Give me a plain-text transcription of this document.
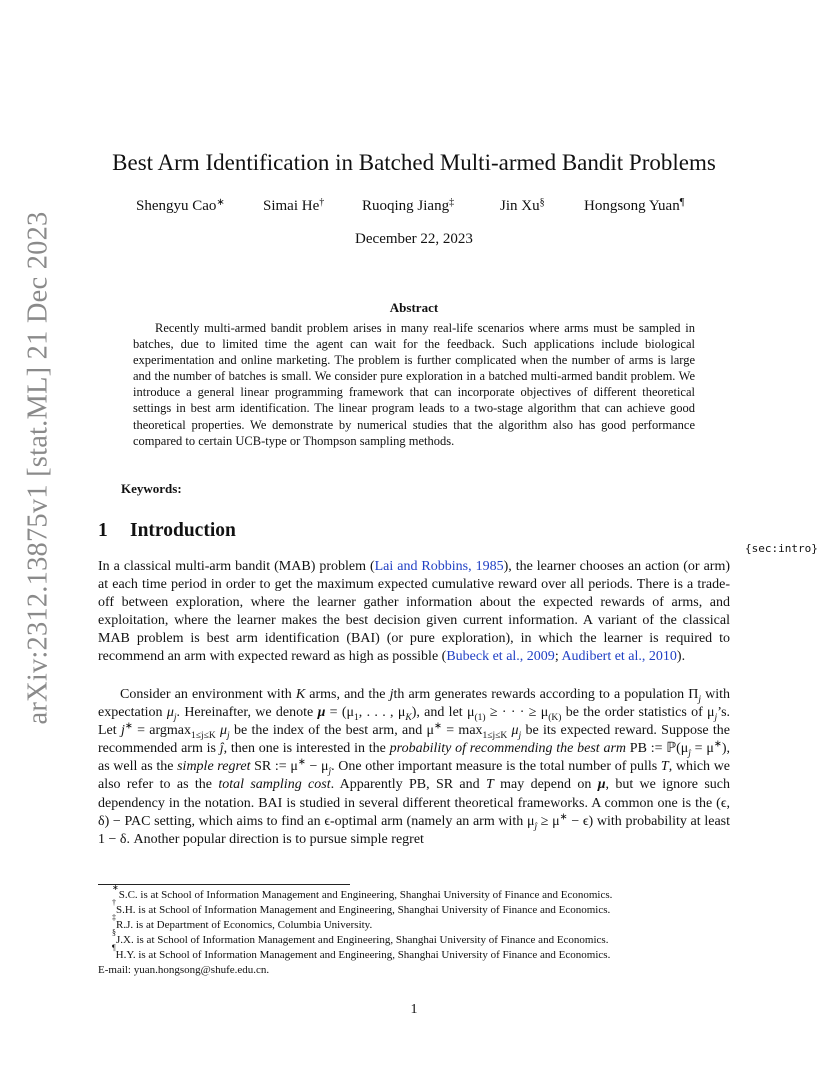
arXiv:2312.13875v1 [stat.ML] 21 Dec 2023
Best Arm Identification in Batched Multi-armed Bandit Problems
Shengyu Cao∗	Simai He†	Ruoqing Jiang‡	Jin Xu§	Hongsong Yuan¶
December 22, 2023
Abstract

Recently multi-armed bandit problem arises in many real-life scenarios where arms must be sampled in batches, due to limited time the agent can wait for the feedback. Such applications include biological experimentation and online marketing. The problem is further complicated when the number of arms is large and the number of batches is small. We consider pure exploration in a batched multi-armed bandit problem. We introduce a general linear programming framework that can incorporate objectives of different theoretical settings in best arm identification. The linear program leads to a two-stage algorithm that can achieve good theoretical properties. We demonstrate by numerical studies that the algorithm also has good performance compared to certain UCB-type or Thompson sampling methods.

Keywords:
1 Introduction
{sec:intro}

In a classical multi-arm bandit (MAB) problem (Lai and Robbins, 1985), the learner chooses an action (or arm) at each time period in order to get the maximum expected cumulative reward over all periods. There is a trade-off between exploration, where the learner gather information about the expected rewards of arms, and exploitation, where the learner makes the best decision given current information. A variant of the classical MAB problem is best arm identification (BAI) (or pure exploration), in which the learner is required to recommend an arm with expected reward as high as possible (Bubeck et al., 2009; Audibert et al., 2010).

Consider an environment with K arms, and the jth arm generates rewards according to a population $\Pi_j$ with expectation $\mu_j$. Hereinafter, we denote $\mu = (\mu_1$, . . . , $\mu_K$), and let $\mu_{(1)}$ ≥ · · · ≥ $\mu_{(K)}$ be the order statistics of $\mu_j’s$. Let j∗ = argmax$_{1\le j\le K}$ $\mu_j$ be the index of the best arm, and $\mu^∗ = \max_{1\le j\le K} \mu_j$ be its expected reward. Suppose the recommended arm is ĵ, then one is interested in the probability of recommending the best arm PB := $ℙ(\mu_ĵ = \mu^∗)$, as well as the simple regret SR := $\mu^∗ - \mu_ĵ$. One other important measure is the total number of pulls T, which we also refer to as the total sampling cost. Apparently PB, SR and T may depend on μ, but we ignore such dependency in the notation. BAI is studied in several different theoretical frameworks. A common one is the (ϵ, δ) − PAC setting, which aims to find an ϵ-optimal arm (namely an arm with $\mu_ĵ \ge \mu^∗ - \epsilon$) with probability at least 1 − δ. Another popular direction is to pursue simple regret

∗S.C. is at School of Information Management and Engineering, Shanghai University of Finance and Economics.
†S.H. is at School of Information Management and Engineering, Shanghai University of Finance and Economics.
‡R.J. is at Department of Economics, Columbia University.
§J.X. is at School of Information Management and Engineering, Shanghai University of Finance and Economics.
¶H.Y. is at School of Information Management and Engineering, Shanghai University of Finance and Economics.
E-mail: yuan.hongsong@shufe.edu.cn.
1
